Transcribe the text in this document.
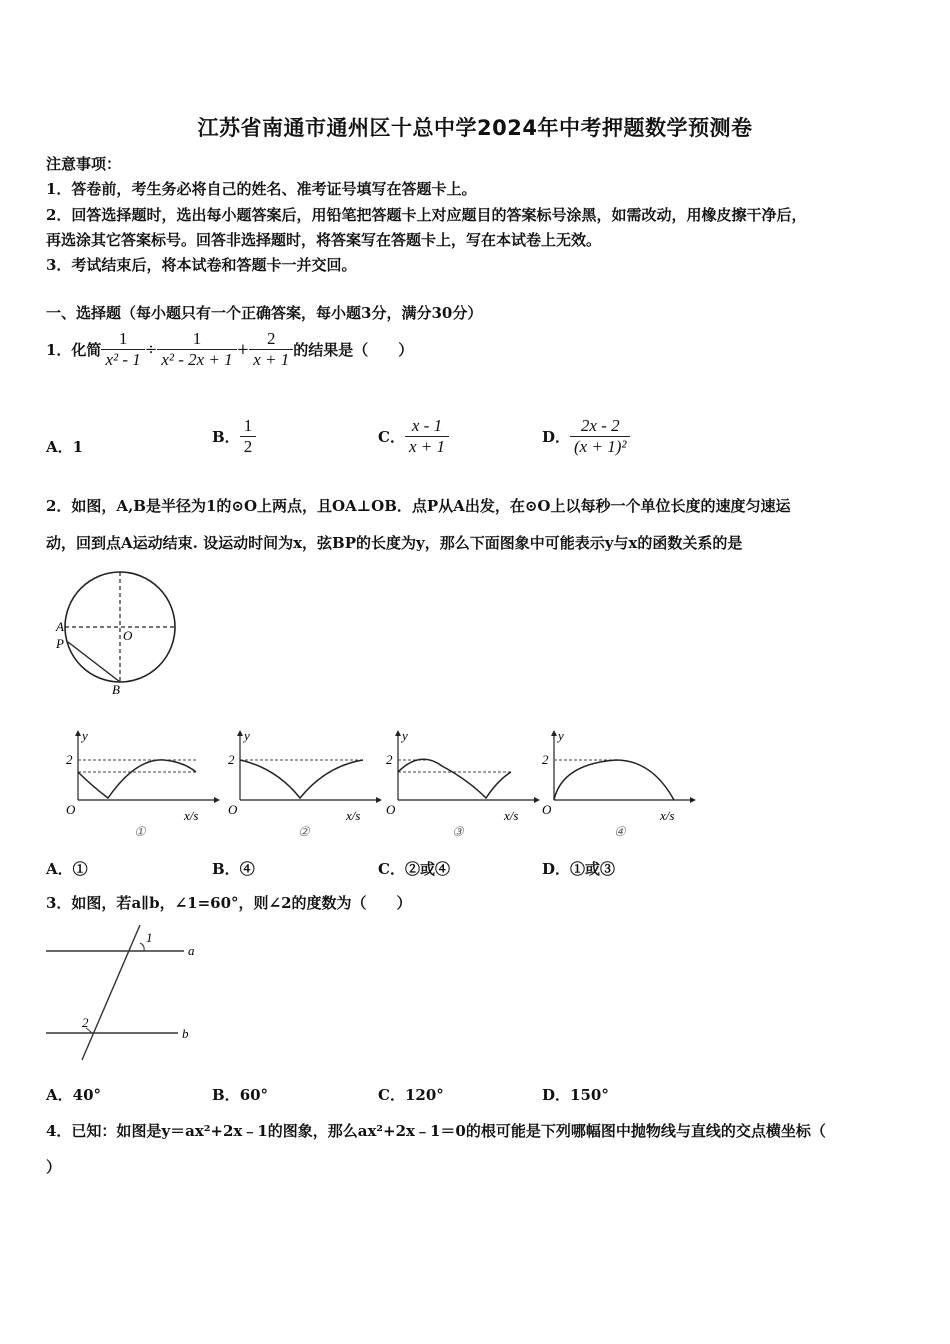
江苏省南通市通州区十总中学2024年中考押题数学预测卷
注意事项：
1．答卷前，考生务必将自己的姓名、准考证号填写在答题卡上。
2．回答选择题时，选出每小题答案后，用铅笔把答题卡上对应题目的答案标号涂黑，如需改动，用橡皮擦干净后，
再选涂其它答案标号。回答非选择题时，将答案写在答题卡上，写在本试卷上无效。
3．考试结束后，将本试卷和答题卡一并交回。
一、选择题（每小题只有一个正确答案，每小题3分，满分30分）
1．化简 $\frac{1}{\text{x² - 1}} \div \frac{1}{\text{x² - 2x + 1}} + \frac{2}{x + 1}$ 的结果是（　　）
A．1
B． $\frac{1}{2}$	C． $\frac{x - 1}{x + 1}$	D． $\frac{2x - 2}{\text{(x + 1)²}}$
2．如图，A,B是半径为1的⊙O上两点，且OA⊥OB．点P从A出发，在⊙O上以每秒一个单位长度的速度匀速运
动，回到点A运动结束. 设运动时间为x，弦BP的长度为y，那么下面图象中可能表示y与x的函数关系的是
A
P
O
B
y
2
O	x/s
①
y
2
O	x/s
②
y
2
O	x/s
③
y
2
O	x/s
④
A．①	B．④	C．②或④	D．①或③
3．如图，若a∥b，∠1=60°，则∠2的度数为（　　）
a
b
1
2
A．40°	B．60°	C．120°	D．150°
4．已知：如图是y＝ax²+2x﹣1的图象，那么ax²+2x﹣1＝0的根可能是下列哪幅图中抛物线与直线的交点横坐标（
）
